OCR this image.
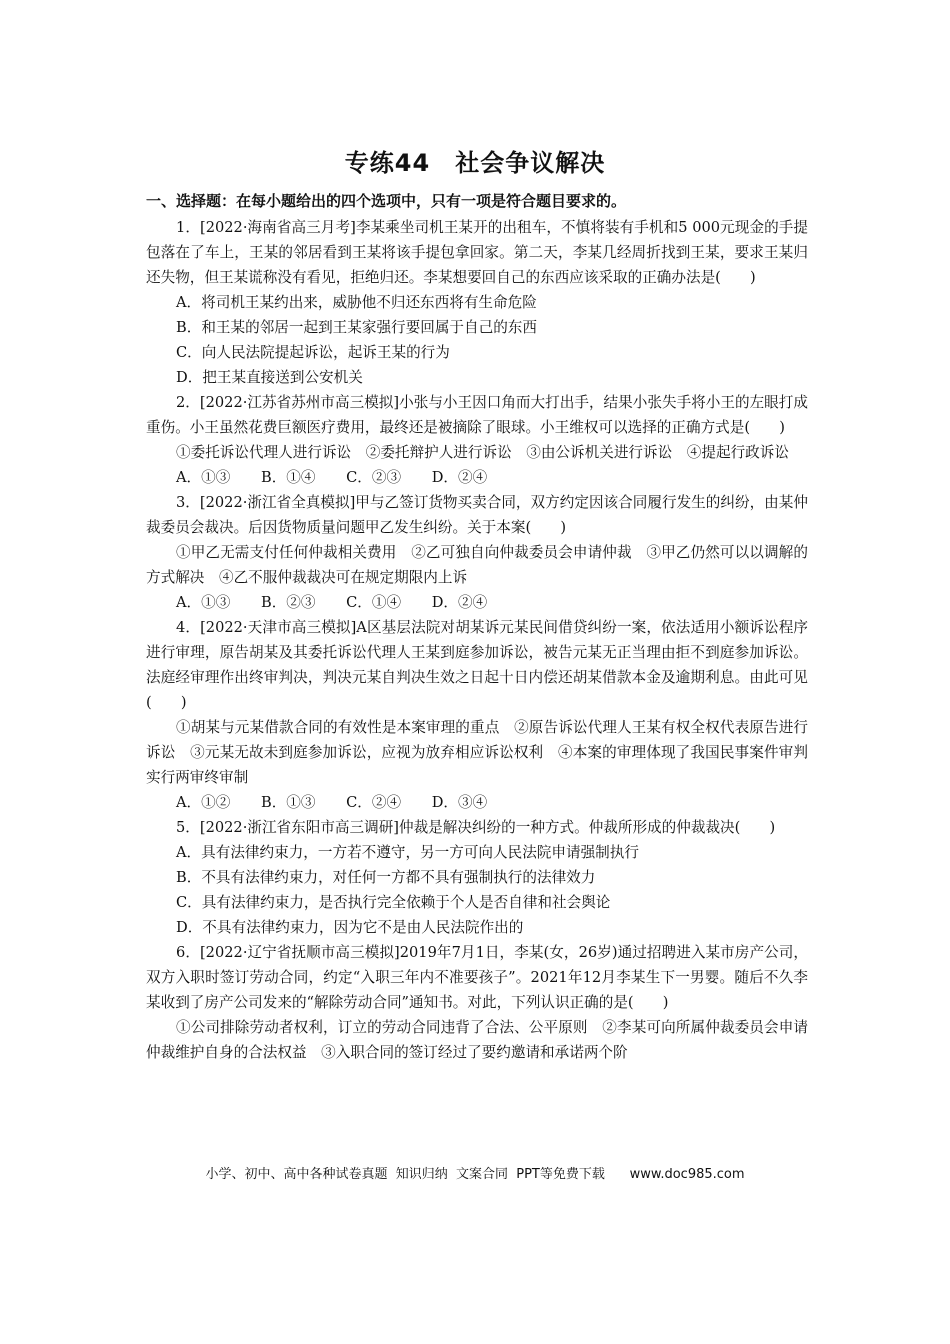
专练44　社会争议解决

一、选择题：在每小题给出的四个选项中，只有一项是符合题目要求的。

1．[2022·海南省高三月考]李某乘坐司机王某开的出租车，不慎将装有手机和5 000元现金的手提包落在了车上，王某的邻居看到王某将该手提包拿回家。第二天，李某几经周折找到王某，要求王某归还失物，但王某谎称没有看见，拒绝归还。李某想要回自己的东西应该采取的正确办法是(　　)

A．将司机王某约出来，威胁他不归还东西将有生命危险

B．和王某的邻居一起到王某家强行要回属于自己的东西

C．向人民法院提起诉讼，起诉王某的行为

D．把王某直接送到公安机关

2．[2022·江苏省苏州市高三模拟]小张与小王因口角而大打出手，结果小张失手将小王的左眼打成重伤。小王虽然花费巨额医疗费用，最终还是被摘除了眼球。小王维权可以选择的正确方式是(　　)

①委托诉讼代理人进行诉讼　②委托辩护人进行诉讼　③由公诉机关进行诉讼　④提起行政诉讼

A．①③ B．①④ C．②③ D．②④

3．[2022·浙江省全真模拟]甲与乙签订货物买卖合同，双方约定因该合同履行发生的纠纷，由某仲裁委员会裁决。后因货物质量问题甲乙发生纠纷。关于本案(　　)

①甲乙无需支付任何仲裁相关费用　②乙可独自向仲裁委员会申请仲裁　③甲乙仍然可以以调解的方式解决　④乙不服仲裁裁决可在规定期限内上诉

A．①③ B．②③ C．①④ D．②④

4．[2022·天津市高三模拟]A区基层法院对胡某诉元某民间借贷纠纷一案，依法适用小额诉讼程序进行审理，原告胡某及其委托诉讼代理人王某到庭参加诉讼，被告元某无正当理由拒不到庭参加诉讼。法庭经审理作出终审判决，判决元某自判决生效之日起十日内偿还胡某借款本金及逾期利息。由此可见(　　)

①胡某与元某借款合同的有效性是本案审理的重点　②原告诉讼代理人王某有权全权代表原告进行诉讼　③元某无故未到庭参加诉讼，应视为放弃相应诉讼权利　④本案的审理体现了我国民事案件审判实行两审终审制

A．①② B．①③ C．②④ D．③④

5．[2022·浙江省东阳市高三调研]仲裁是解决纠纷的一种方式。仲裁所形成的仲裁裁决(　　)

A．具有法律约束力，一方若不遵守，另一方可向人民法院申请强制执行

B．不具有法律约束力，对任何一方都不具有强制执行的法律效力

C．具有法律约束力，是否执行完全依赖于个人是否自律和社会舆论

D．不具有法律约束力，因为它不是由人民法院作出的

6．[2022·辽宁省抚顺市高三模拟]2019年7月1日，李某(女，26岁)通过招聘进入某市房产公司，双方入职时签订劳动合同，约定“入职三年内不准要孩子”。2021年12月李某生下一男婴。随后不久李某收到了房产公司发来的“解除劳动合同”通知书。对此，下列认识正确的是(　　)

①公司排除劳动者权利，订立的劳动合同违背了合法、公平原则　②李某可向所属仲裁委员会申请仲裁维护自身的合法权益　③入职合同的签订经过了要约邀请和承诺两个阶

小学、初中、高中各种试卷真题  知识归纳  文案合同  PPT等免费下载      www.doc985.com
